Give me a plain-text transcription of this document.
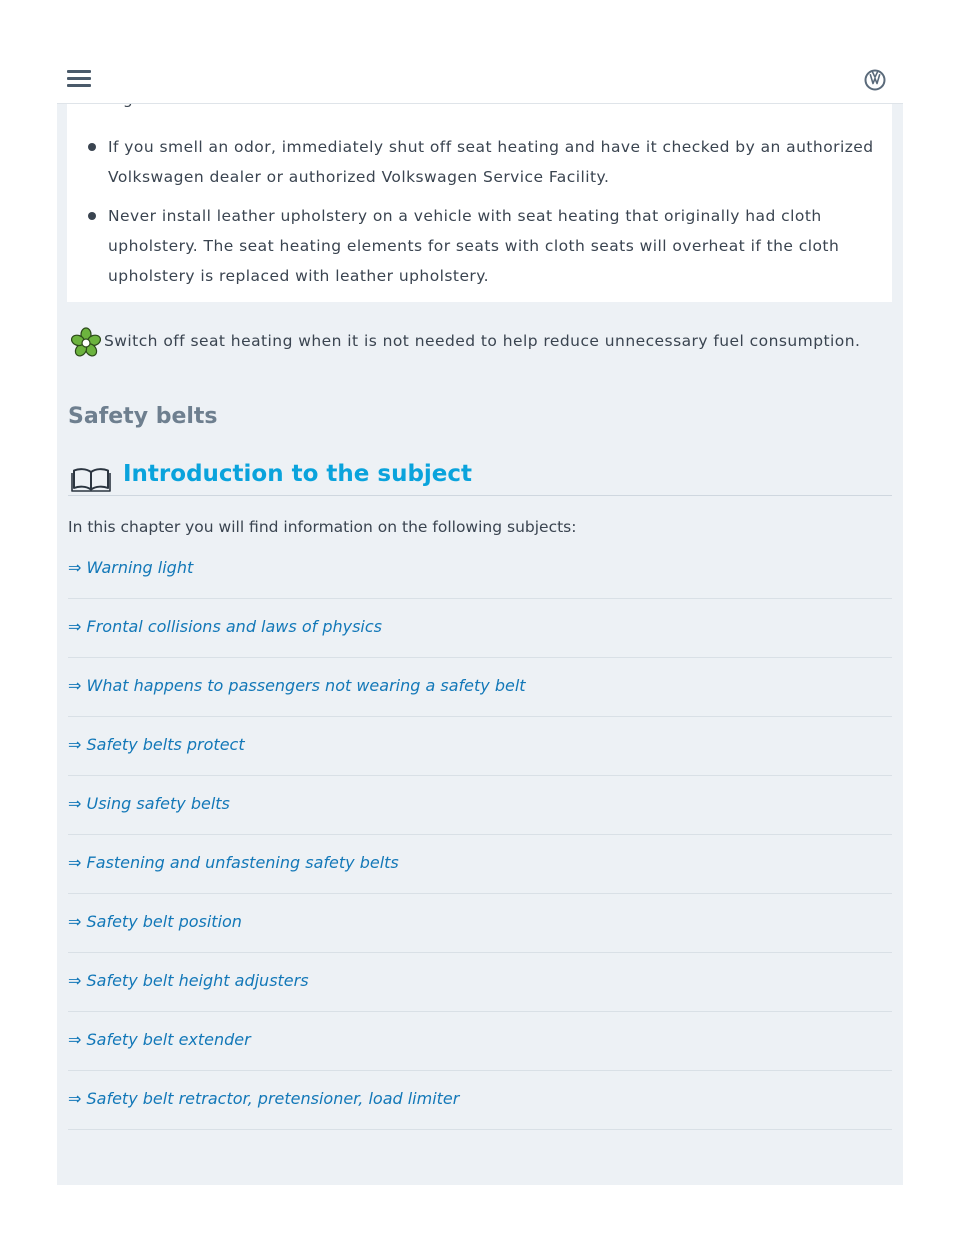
If you smell an odor, immediately shut off seat heating and have it checked by an authorized Volkswagen dealer or authorized Volkswagen Service Facility.
Never install leather upholstery on a vehicle with seat heating that originally had cloth upholstery. The seat heating elements for seats with cloth seats will overheat if the cloth upholstery is replaced with leather upholstery.
Switch off seat heating when it is not needed to help reduce unnecessary fuel consumption.
Safety belts
Introduction to the subject

In this chapter you will find information on the following subjects:

⇒ Warning light
⇒ Frontal collisions and laws of physics
⇒ What happens to passengers not wearing a safety belt
⇒ Safety belts protect
⇒ Using safety belts
⇒ Fastening and unfastening safety belts
⇒ Safety belt position
⇒ Safety belt height adjusters
⇒ Safety belt extender
⇒ Safety belt retractor, pretensioner, load limiter
